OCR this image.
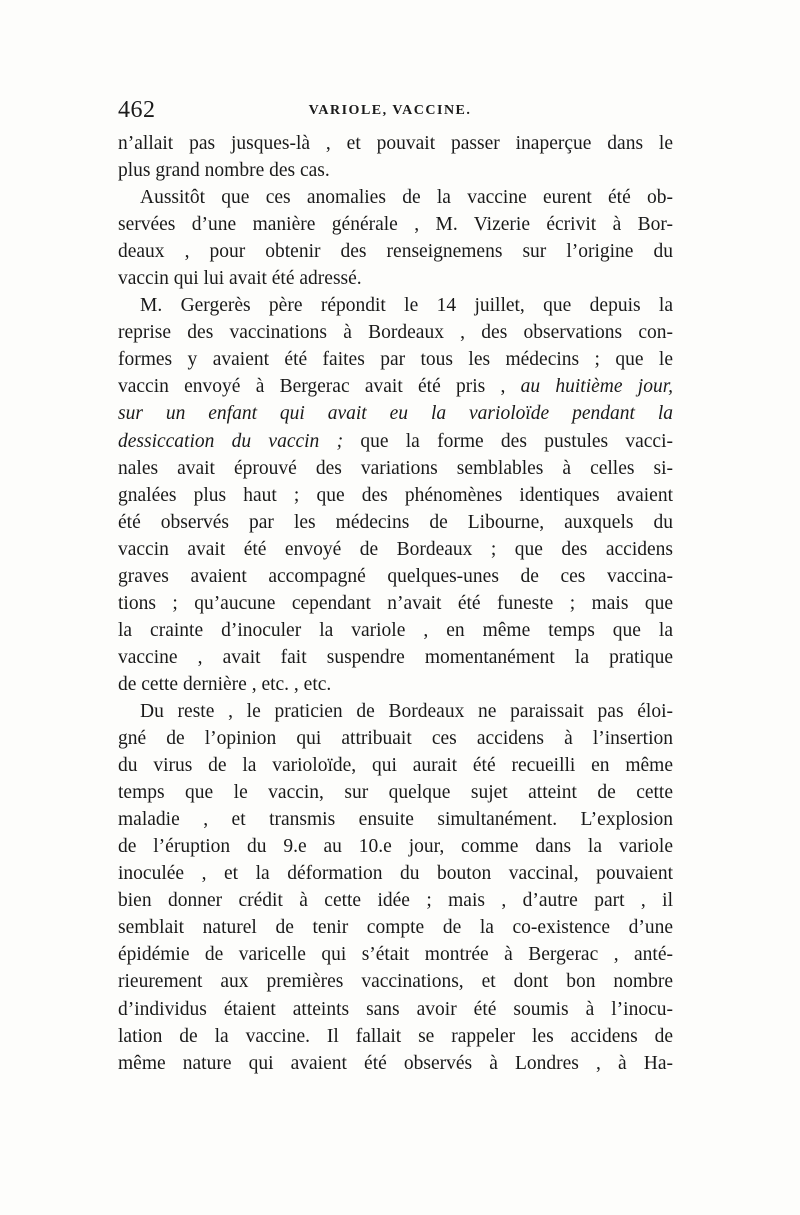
462	VARIOLE, VACCINE.
n’allait pas jusques-là , et pouvait passer inaperçue dans le
plus grand nombre des cas.
Aussitôt que ces anomalies de la vaccine eurent été ob-
servées d’une manière générale , M. Vizerie écrivit à Bor-
deaux , pour obtenir des renseignemens sur l’origine du
vaccin qui lui avait été adressé.
M. Gergerès père répondit le 14 juillet, que depuis la
reprise des vaccinations à Bordeaux , des observations con-
formes y avaient été faites par tous les médecins ; que le
vaccin envoyé à Bergerac avait été pris , au huitième jour,
sur un enfant qui avait eu la varioloïde pendant la
dessiccation du vaccin ; que la forme des pustules vacci-
nales avait éprouvé des variations semblables à celles si-
gnalées plus haut ; que des phénomènes identiques avaient
été observés par les médecins de Libourne, auxquels du
vaccin avait été envoyé de Bordeaux ; que des accidens
graves avaient accompagné quelques-unes de ces vaccina-
tions ; qu’aucune cependant n’avait été funeste ; mais que
la crainte d’inoculer la variole , en même temps que la
vaccine , avait fait suspendre momentanément la pratique
de cette dernière , etc. , etc.
Du reste , le praticien de Bordeaux ne paraissait pas éloi-
gné de l’opinion qui attribuait ces accidens à l’insertion
du virus de la varioloïde, qui aurait été recueilli en même
temps que le vaccin, sur quelque sujet atteint de cette
maladie , et transmis ensuite simultanément. L’explosion
de l’éruption du 9.e au 10.e jour, comme dans la variole
inoculée , et la déformation du bouton vaccinal, pouvaient
bien donner crédit à cette idée ; mais , d’autre part , il
semblait naturel de tenir compte de la co-existence d’une
épidémie de varicelle qui s’était montrée à Bergerac , anté-
rieurement aux premières vaccinations, et dont bon nombre
d’individus étaient atteints sans avoir été soumis à l’inocu-
lation de la vaccine. Il fallait se rappeler les accidens de
même nature qui avaient été observés à Londres , à Ha-
